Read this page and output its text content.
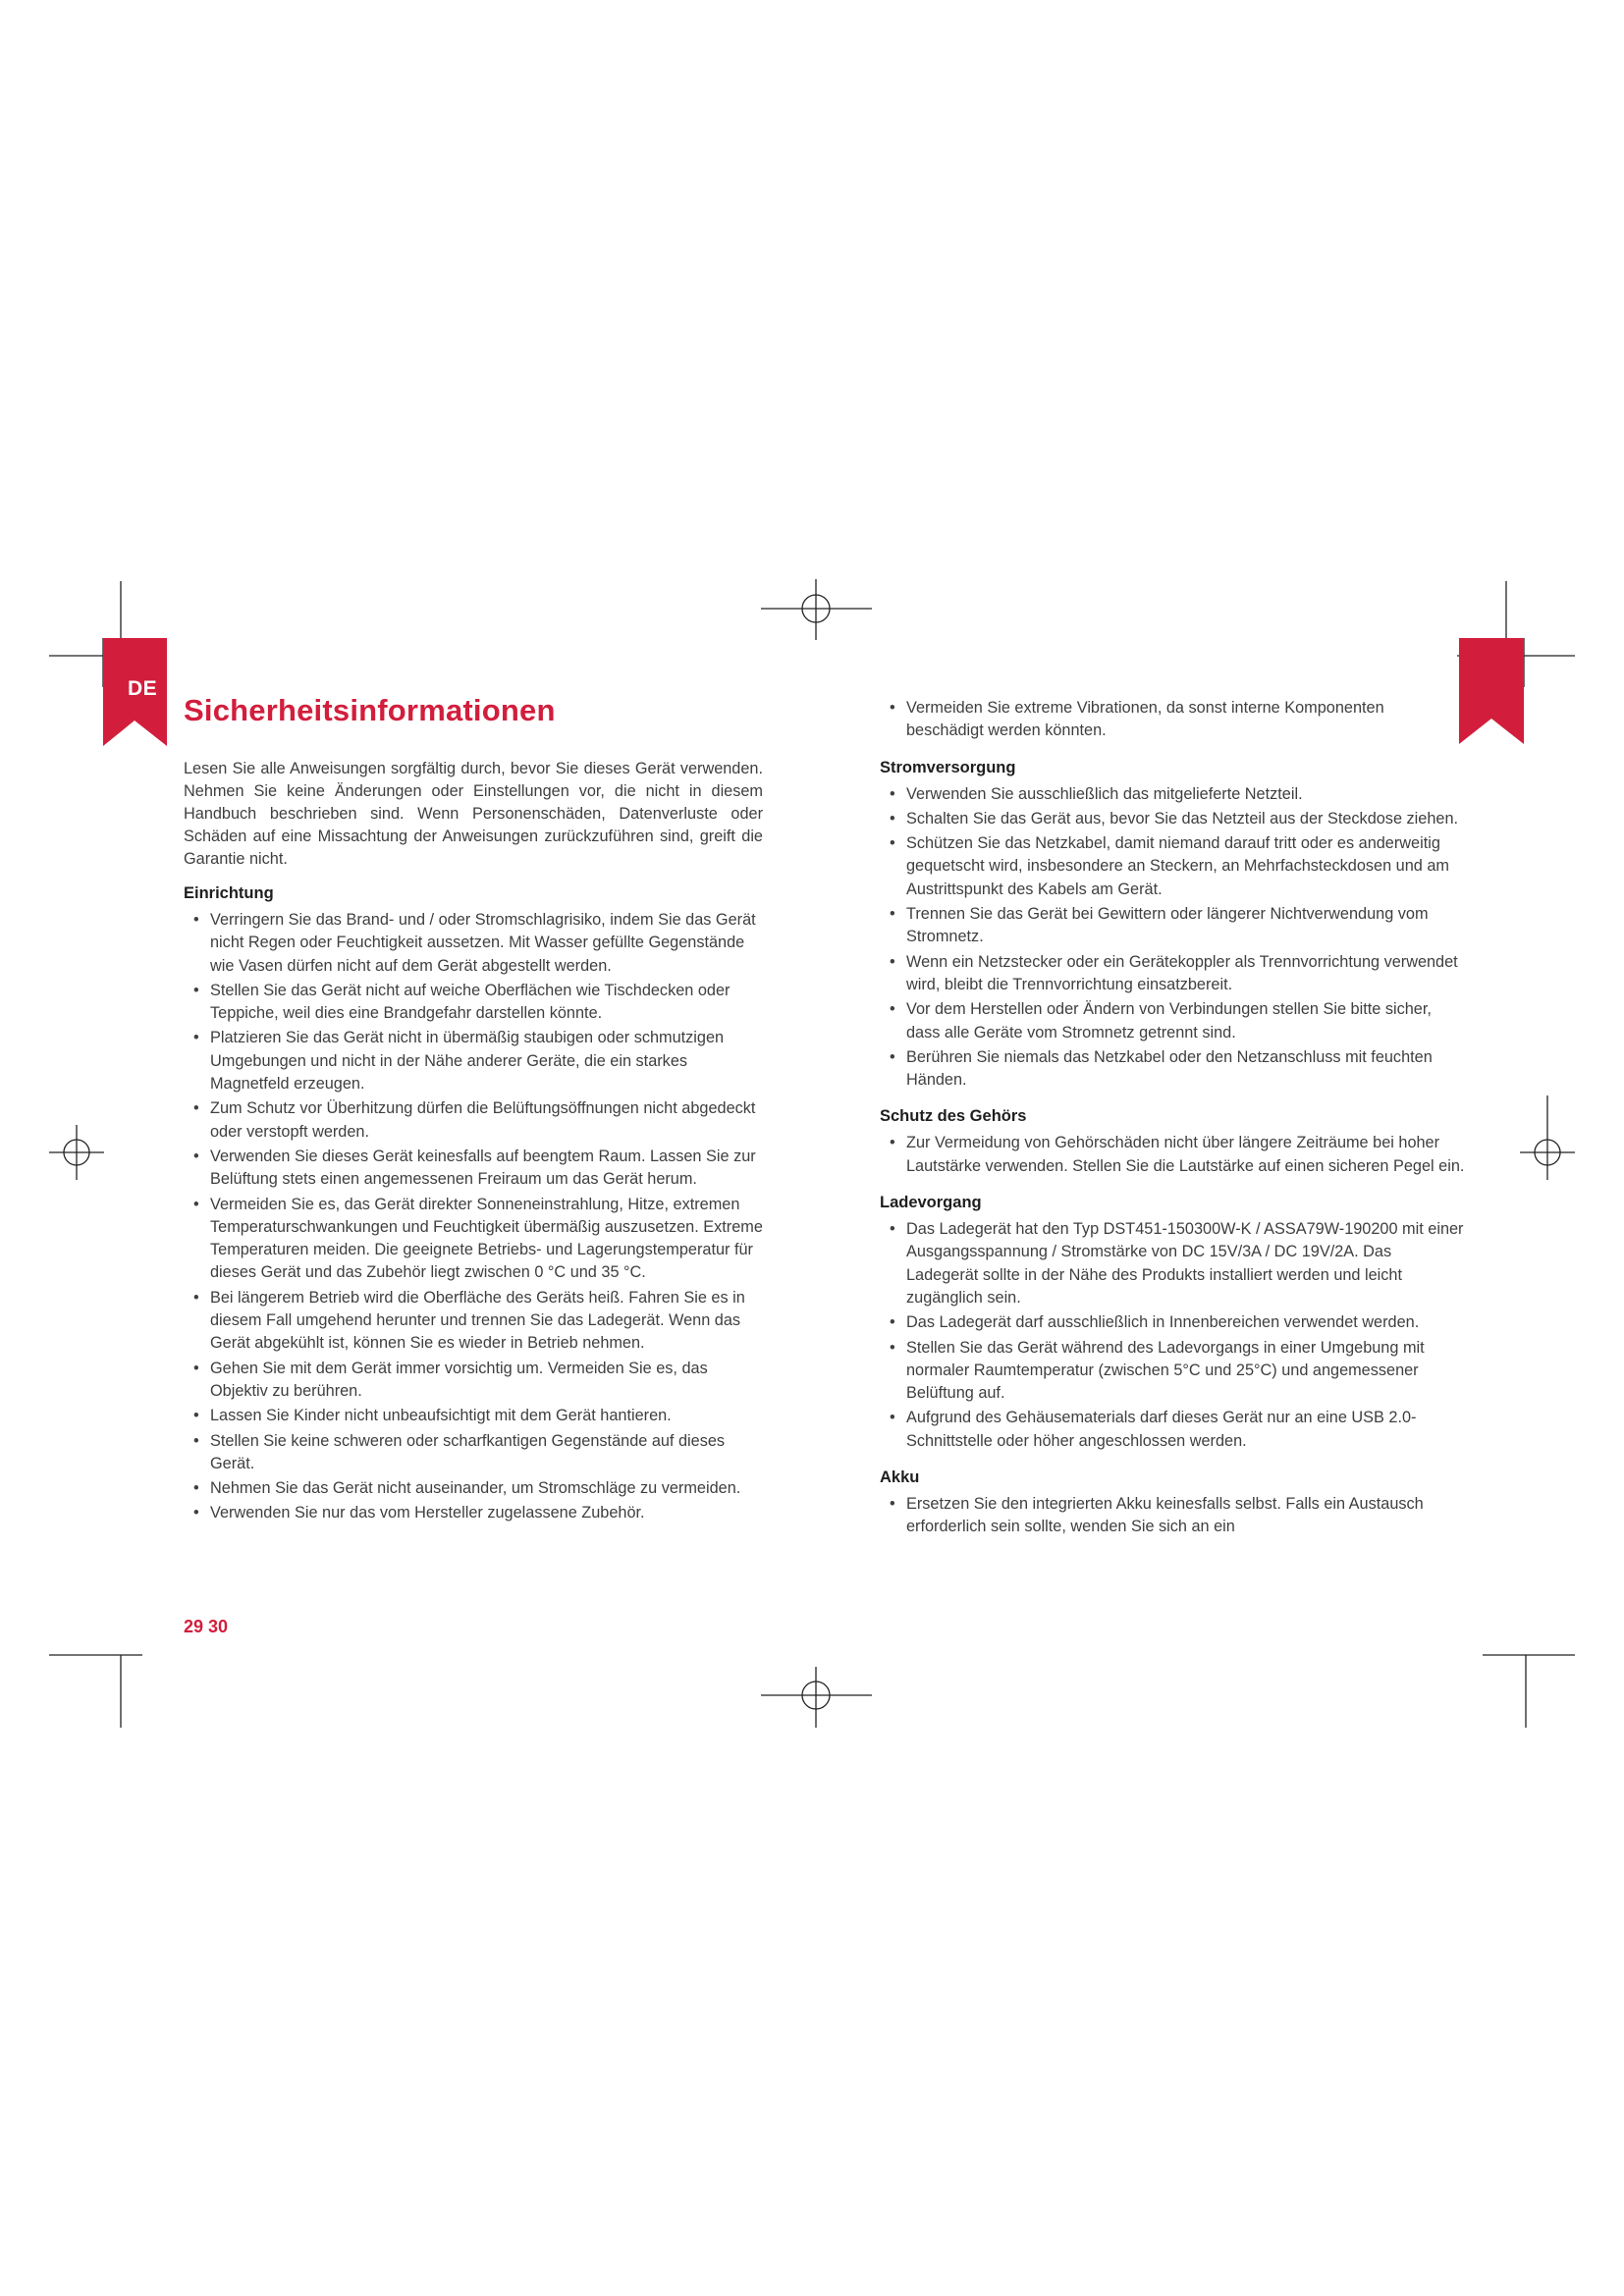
DE
Sicherheitsinformationen

Lesen Sie alle Anweisungen sorgfältig durch, bevor Sie dieses Gerät verwenden. Nehmen Sie keine Änderungen oder Einstellungen vor, die nicht in diesem Handbuch beschrieben sind. Wenn Personenschäden, Datenverluste oder Schäden auf eine Missachtung der Anweisungen zurückzuführen sind, greift die Garantie nicht.

Einrichtung
• Verringern Sie das Brand- und / oder Stromschlagrisiko, indem Sie das Gerät nicht Regen oder Feuchtigkeit aussetzen. Mit Wasser gefüllte Gegenstände wie Vasen dürfen nicht auf dem Gerät abgestellt werden.
• Stellen Sie das Gerät nicht auf weiche Oberflächen wie Tischdecken oder Teppiche, weil dies eine Brandgefahr darstellen könnte.
• Platzieren Sie das Gerät nicht in übermäßig staubigen oder schmutzigen Umgebungen und nicht in der Nähe anderer Geräte, die ein starkes Magnetfeld erzeugen.
• Zum Schutz vor Überhitzung dürfen die Belüftungsöffnungen nicht abgedeckt oder verstopft werden.
• Verwenden Sie dieses Gerät keinesfalls auf beengtem Raum. Lassen Sie zur Belüftung stets einen angemessenen Freiraum um das Gerät herum.
• Vermeiden Sie es, das Gerät direkter Sonneneinstrahlung, Hitze, extremen Temperaturschwankungen und Feuchtigkeit übermäßig auszusetzen. Extreme Temperaturen meiden. Die geeignete Betriebs- und Lagerungstemperatur für dieses Gerät und das Zubehör liegt zwischen 0 °C und 35 °C.
• Bei längerem Betrieb wird die Oberfläche des Geräts heiß. Fahren Sie es in diesem Fall umgehend herunter und trennen Sie das Ladegerät. Wenn das Gerät abgekühlt ist, können Sie es wieder in Betrieb nehmen.
• Gehen Sie mit dem Gerät immer vorsichtig um. Vermeiden Sie es, das Objektiv zu berühren.
• Lassen Sie Kinder nicht unbeaufsichtigt mit dem Gerät hantieren.
• Stellen Sie keine schweren oder scharfkantigen Gegenstände auf dieses Gerät.
• Nehmen Sie das Gerät nicht auseinander, um Stromschläge zu vermeiden.
• Verwenden Sie nur das vom Hersteller zugelassene Zubehör.
• Vermeiden Sie extreme Vibrationen, da sonst interne Komponenten beschädigt werden könnten.
Stromversorgung
• Verwenden Sie ausschließlich das mitgelieferte Netzteil.
• Schalten Sie das Gerät aus, bevor Sie das Netzteil aus der Steckdose ziehen.
• Schützen Sie das Netzkabel, damit niemand darauf tritt oder es anderweitig gequetscht wird, insbesondere an Steckern, an Mehrfachsteckdosen und am Austrittspunkt des Kabels am Gerät.
• Trennen Sie das Gerät bei Gewittern oder längerer Nichtverwendung vom Stromnetz.
• Wenn ein Netzstecker oder ein Gerätekoppler als Trennvorrichtung verwendet wird, bleibt die Trennvorrichtung einsatzbereit.
• Vor dem Herstellen oder Ändern von Verbindungen stellen Sie bitte sicher, dass alle Geräte vom Stromnetz getrennt sind.
• Berühren Sie niemals das Netzkabel oder den Netzanschluss mit feuchten Händen.
Schutz des Gehörs
• Zur Vermeidung von Gehörschäden nicht über längere Zeiträume bei hoher Lautstärke verwenden. Stellen Sie die Lautstärke auf einen sicheren Pegel ein.
Ladevorgang
• Das Ladegerät hat den Typ DST451-150300W-K / ASSA79W-190200 mit einer Ausgangsspannung / Stromstärke von DC 15V/3A / DC 19V/2A. Das Ladegerät sollte in der Nähe des Produkts installiert werden und leicht zugänglich sein.
• Das Ladegerät darf ausschließlich in Innenbereichen verwendet werden.
• Stellen Sie das Gerät während des Ladevorgangs in einer Umgebung mit normaler Raumtemperatur (zwischen 5°C und 25°C) und angemessener Belüftung auf.
• Aufgrund des Gehäusematerials darf dieses Gerät nur an eine USB 2.0-Schnittstelle oder höher angeschlossen werden.
Akku
• Ersetzen Sie den integrierten Akku keinesfalls selbst. Falls ein Austausch erforderlich sein sollte, wenden Sie sich an ein
29 30
